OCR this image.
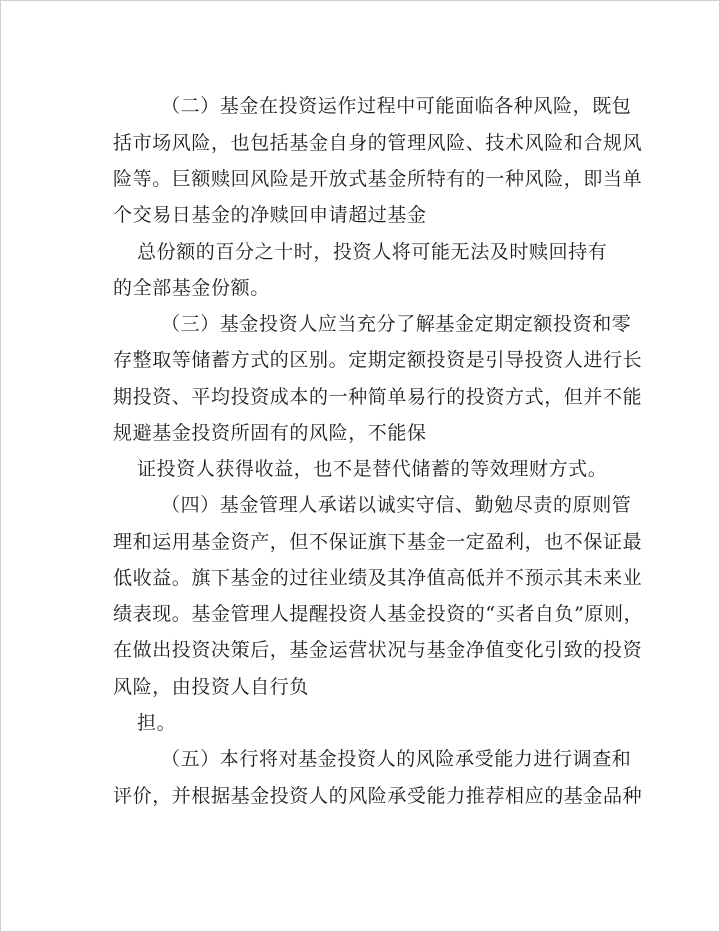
（二）基金在投资运作过程中可能面临各种风险，既包
括市场风险，也包括基金自身的管理风险、技术风险和合规风
险等。巨额赎回风险是开放式基金所特有的一种风险，即当单
个交易日基金的净赎回申请超过基金
总份额的百分之十时，投资人将可能无法及时赎回持有
的全部基金份额。
（三）基金投资人应当充分了解基金定期定额投资和零
存整取等储蓄方式的区别。定期定额投资是引导投资人进行长
期投资、平均投资成本的一种简单易行的投资方式，但并不能
规避基金投资所固有的风险，不能保
证投资人获得收益，也不是替代储蓄的等效理财方式。
（四）基金管理人承诺以诚实守信、勤勉尽责的原则管
理和运用基金资产，但不保证旗下基金一定盈利，也不保证最
低收益。旗下基金的过往业绩及其净值高低并不预示其未来业
绩表现。基金管理人提醒投资人基金投资的“买者自负”原则，
在做出投资决策后，基金运营状况与基金净值变化引致的投资
风险，由投资人自行负
担。
（五）本行将对基金投资人的风险承受能力进行调查和
评价，并根据基金投资人的风险承受能力推荐相应的基金品种
